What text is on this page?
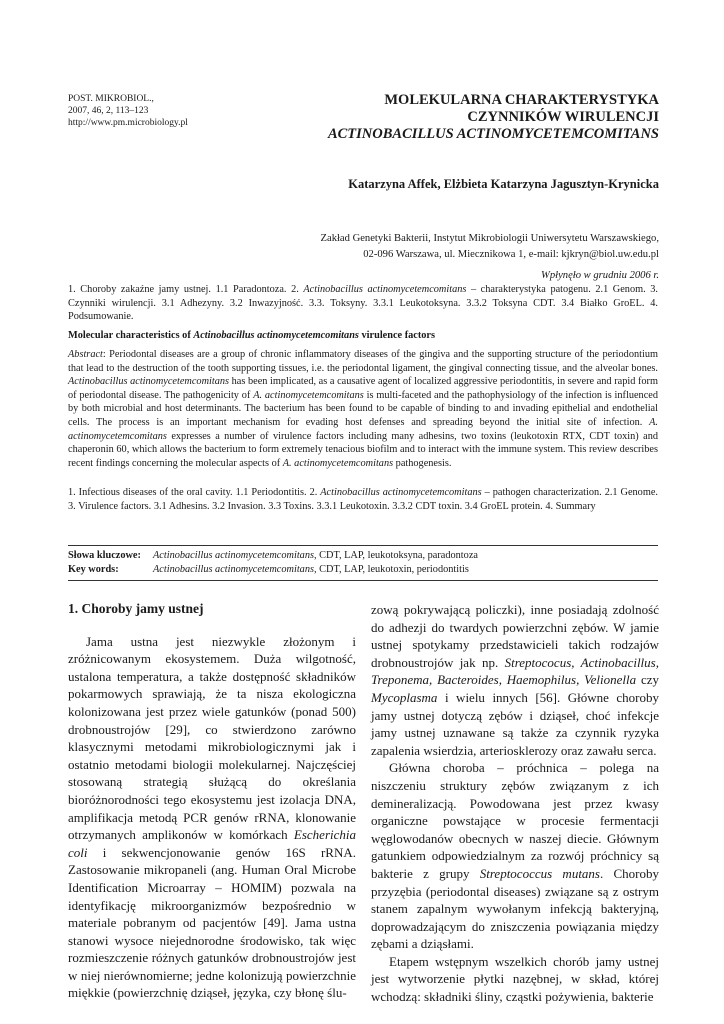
POST. MIKROBIOL.,
2007, 46, 2, 113–123
http://www.pm.microbiology.pl
MOLEKULARNA CHARAKTERYSTYKA
CZYNNIKÓW WIRULENCJI
ACTINOBACILLUS ACTINOMYCETEMCOMITANS
Katarzyna Affek, Elżbieta Katarzyna Jagusztyn-Krynicka
Zakład Genetyki Bakterii, Instytut Mikrobiologii Uniwersytetu Warszawskiego,
02-096 Warszawa, ul. Miecznikowa 1, e-mail: kjkryn@biol.uw.edu.pl
Wpłynęło w grudniu 2006 r.
1. Choroby zakaźne jamy ustnej. 1.1 Paradontoza. 2. Actinobacillus actinomycetemcomitans – charakterystyka patogenu. 2.1 Genom. 3. Czynniki wirulencji. 3.1 Adhezyny. 3.2 Inwazyjność. 3.3. Toksyny. 3.3.1 Leukotoksyna. 3.3.2 Toksyna CDT. 3.4 Białko GroEL. 4. Podsumowanie.
Molecular characteristics of Actinobacillus actinomycetemcomitans virulence factors
Abstract: Periodontal diseases are a group of chronic inflammatory diseases of the gingiva and the supporting structure of the periodontium that lead to the destruction of the tooth supporting tissues, i.e. the periodontal ligament, the gingival connecting tissue, and the alveolar bones. Actinobacillus actinomycetemcomitans has been implicated, as a causative agent of localized aggressive periodontitis, in severe and rapid form of periodontal disease. The pathogenicity of A. actinomycetemcomitans is multi-faceted and the pathophysiology of the infection is influenced by both microbial and host determinants. The bacterium has been found to be capable of binding to and invading epithelial and endothelial cells. The process is an important mechanism for evading host defenses and spreading beyond the initial site of infection. A. actinomycetemcomitans expresses a number of virulence factors including many adhesins, two toxins (leukotoxin RTX, CDT toxin) and chaperonin 60, which allows the bacterium to form extremely tenacious biofilm and to interact with the immune system. This review describes recent findings concerning the molecular aspects of A. actinomycetemcomitans pathogenesis.
1. Infectious diseases of the oral cavity. 1.1 Periodontitis. 2. Actinobacillus actinomycetemcomitans – pathogen characterization. 2.1 Genome. 3. Virulence factors. 3.1 Adhesins. 3.2 Invasion. 3.3 Toxins. 3.3.1 Leukotoxin. 3.3.2 CDT toxin. 3.4 GroEL protein. 4. Summary
Słowa kluczowe: Actinobacillus actinomycetemcomitans, CDT, LAP, leukotoksyna, paradontoza
Key words:	Actinobacillus actinomycetemcomitans, CDT, LAP, leukotoxin, periodontitis
1. Choroby jamy ustnej

Jama ustna jest niezwykle złożonym i zróżnicowanym ekosystemem. Duża wilgotność, ustalona temperatura, a także dostępność składników pokarmowych sprawiają, że ta nisza ekologiczna kolonizowana jest przez wiele gatunków (ponad 500) drobnoustrojów [29], co stwierdzono zarówno klasycznymi metodami mikrobiologicznymi jak i ostatnio metodami biologii molekularnej. Najczęściej stosowaną strategią służącą do określania bioróżnorodności tego ekosystemu jest izolacja DNA, amplifikacja metodą PCR genów rRNA, klonowanie otrzymanych amplikonów w komórkach Escherichia coli i sekwencjonowanie genów 16S rRNA. Zastosowanie mikropaneli (ang. Human Oral Microbe Identification Microarray – HOMIM) pozwala na identyfikację mikroorganizmów bezpośrednio w materiale pobranym od pacjentów [49]. Jama ustna stanowi wysoce niejednorodne środowisko, tak więc rozmieszczenie różnych gatunków drobnoustrojów jest w niej nierównomierne; jedne kolonizują powierzchnie miękkie (powierzchnię dziąseł, języka, czy błonę ślu-

zową pokrywającą policzki), inne posiadają zdolność do adhezji do twardych powierzchni zębów. W jamie ustnej spotykamy przedstawicieli takich rodzajów drobnoustrojów jak np. Streptococus, Actinobacillus, Treponema, Bacteroides, Haemophilus, Velionella czy Mycoplasma i wielu innych [56]. Główne choroby jamy ustnej dotyczą zębów i dziąseł, choć infekcje jamy ustnej uznawane są także za czynnik ryzyka zapalenia wsierdzia, arteriosklerozy oraz zawału serca.

Główna choroba – próchnica – polega na niszczeniu struktury zębów związanym z ich demineralizacją. Powodowana jest przez kwasy organiczne powstające w procesie fermentacji węglowodanów obecnych w naszej diecie. Głównym gatunkiem odpowiedzialnym za rozwój próchnicy są bakterie z grupy Streptococcus mutans. Choroby przyzębia (periodontal diseases) związane są z ostrym stanem zapalnym wywołanym infekcją bakteryjną, doprowadzającym do zniszczenia powiązania między zębami a dziąsłami.

Etapem wstępnym wszelkich chorób jamy ustnej jest wytworzenie płytki nazębnej, w skład, której wchodzą: składniki śliny, cząstki pożywienia, bakterie
